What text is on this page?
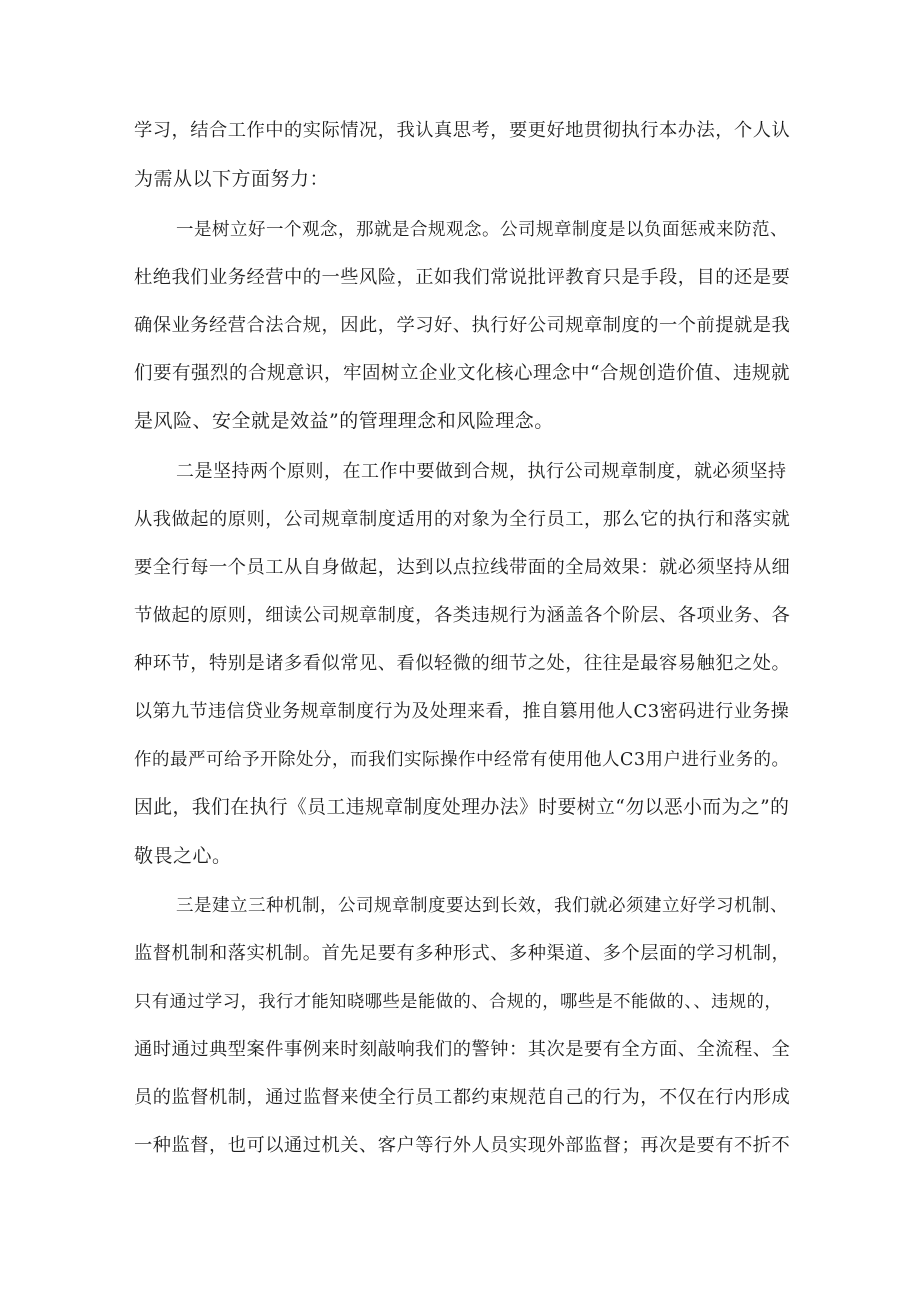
学习，结合工作中的实际情况，我认真思考，要更好地贯彻执行本办法，个人认
为需从以下方面努力：
一是树立好一个观念，那就是合规观念。公司规章制度是以负面惩戒来防范、
杜绝我们业务经营中的一些风险，正如我们常说批评教育只是手段，目的还是要
确保业务经营合法合规，因此，学习好、执行好公司规章制度的一个前提就是我
们要有强烈的合规意识，牢固树立企业文化核心理念中“合规创造价值、违规就
是风险、安全就是效益”的管理理念和风险理念。
二是坚持两个原则，在工作中要做到合规，执行公司规章制度，就必须坚持
从我做起的原则，公司规章制度适用的对象为全行员工，那么它的执行和落实就
要全行每一个员工从自身做起，达到以点拉线带面的全局效果：就必须坚持从细
节做起的原则，细读公司规章制度，各类违规行为涵盖各个阶层、各项业务、各
种环节，特别是诸多看似常见、看似轻微的细节之处，往往是最容易触犯之处。
以第九节违信贷业务规章制度行为及处理来看，推自篡用他人C3密码进行业务操
作的最严可给予开除处分，而我们实际操作中经常有使用他人C3用户进行业务的。
因此，我们在执行《员工违规章制度处理办法》时要树立“勿以恶小而为之”的
敬畏之心。
三是建立三种机制，公司规章制度要达到长效，我们就必须建立好学习机制、
监督机制和落实机制。首先足要有多种形式、多种渠道、多个层面的学习机制，
只有通过学习，我行才能知晓哪些是能做的、合规的，哪些是不能做的、、违规的，
通时通过典型案件事例来时刻敲响我们的警钟：其次是要有全方面、全流程、全
员的监督机制，通过监督来使全行员工都约束规范自己的行为，不仅在行内形成
一种监督，也可以通过机关、客户等行外人员实现外部监督；再次是要有不折不
